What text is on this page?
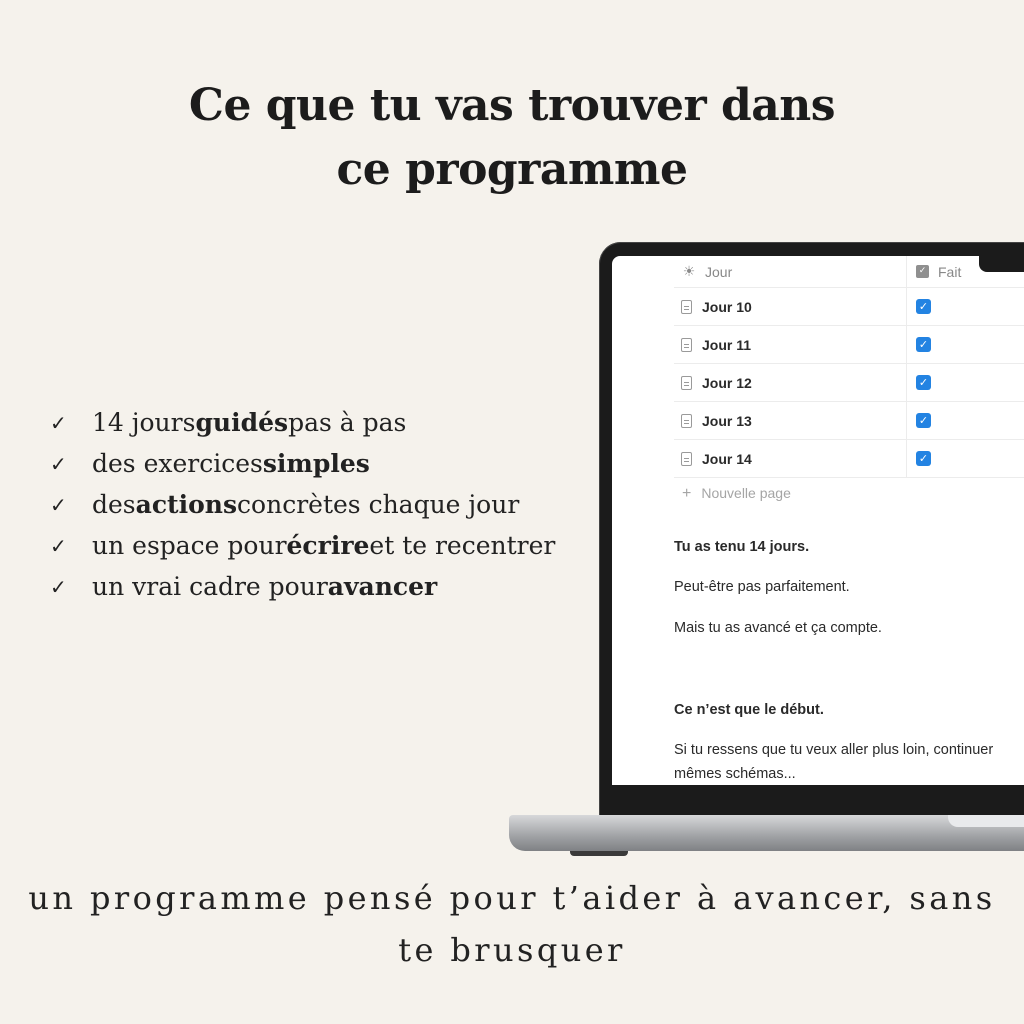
Ce que tu vas trouver dans
ce programme
✓ 14 jours guidés pas à pas
✓ des exercices simples
✓ des actions concrètes chaque jour
✓ un espace pour écrire et te recentrer
✓ un vrai cadre pour avancer
☀ Jour	✓ Fait
Jour 10	✓
Jour 11	✓
Jour 12	✓
Jour 13	✓
Jour 14	✓
+ Nouvelle page
Tu as tenu 14 jours.
Peut-être pas parfaitement.
Mais tu as avancé et ça compte.
Ce n’est que le début.
Si tu ressens que tu veux aller plus loin, continuer
mêmes schémas...
un programme pensé pour t’aider à avancer, sans
te brusquer
